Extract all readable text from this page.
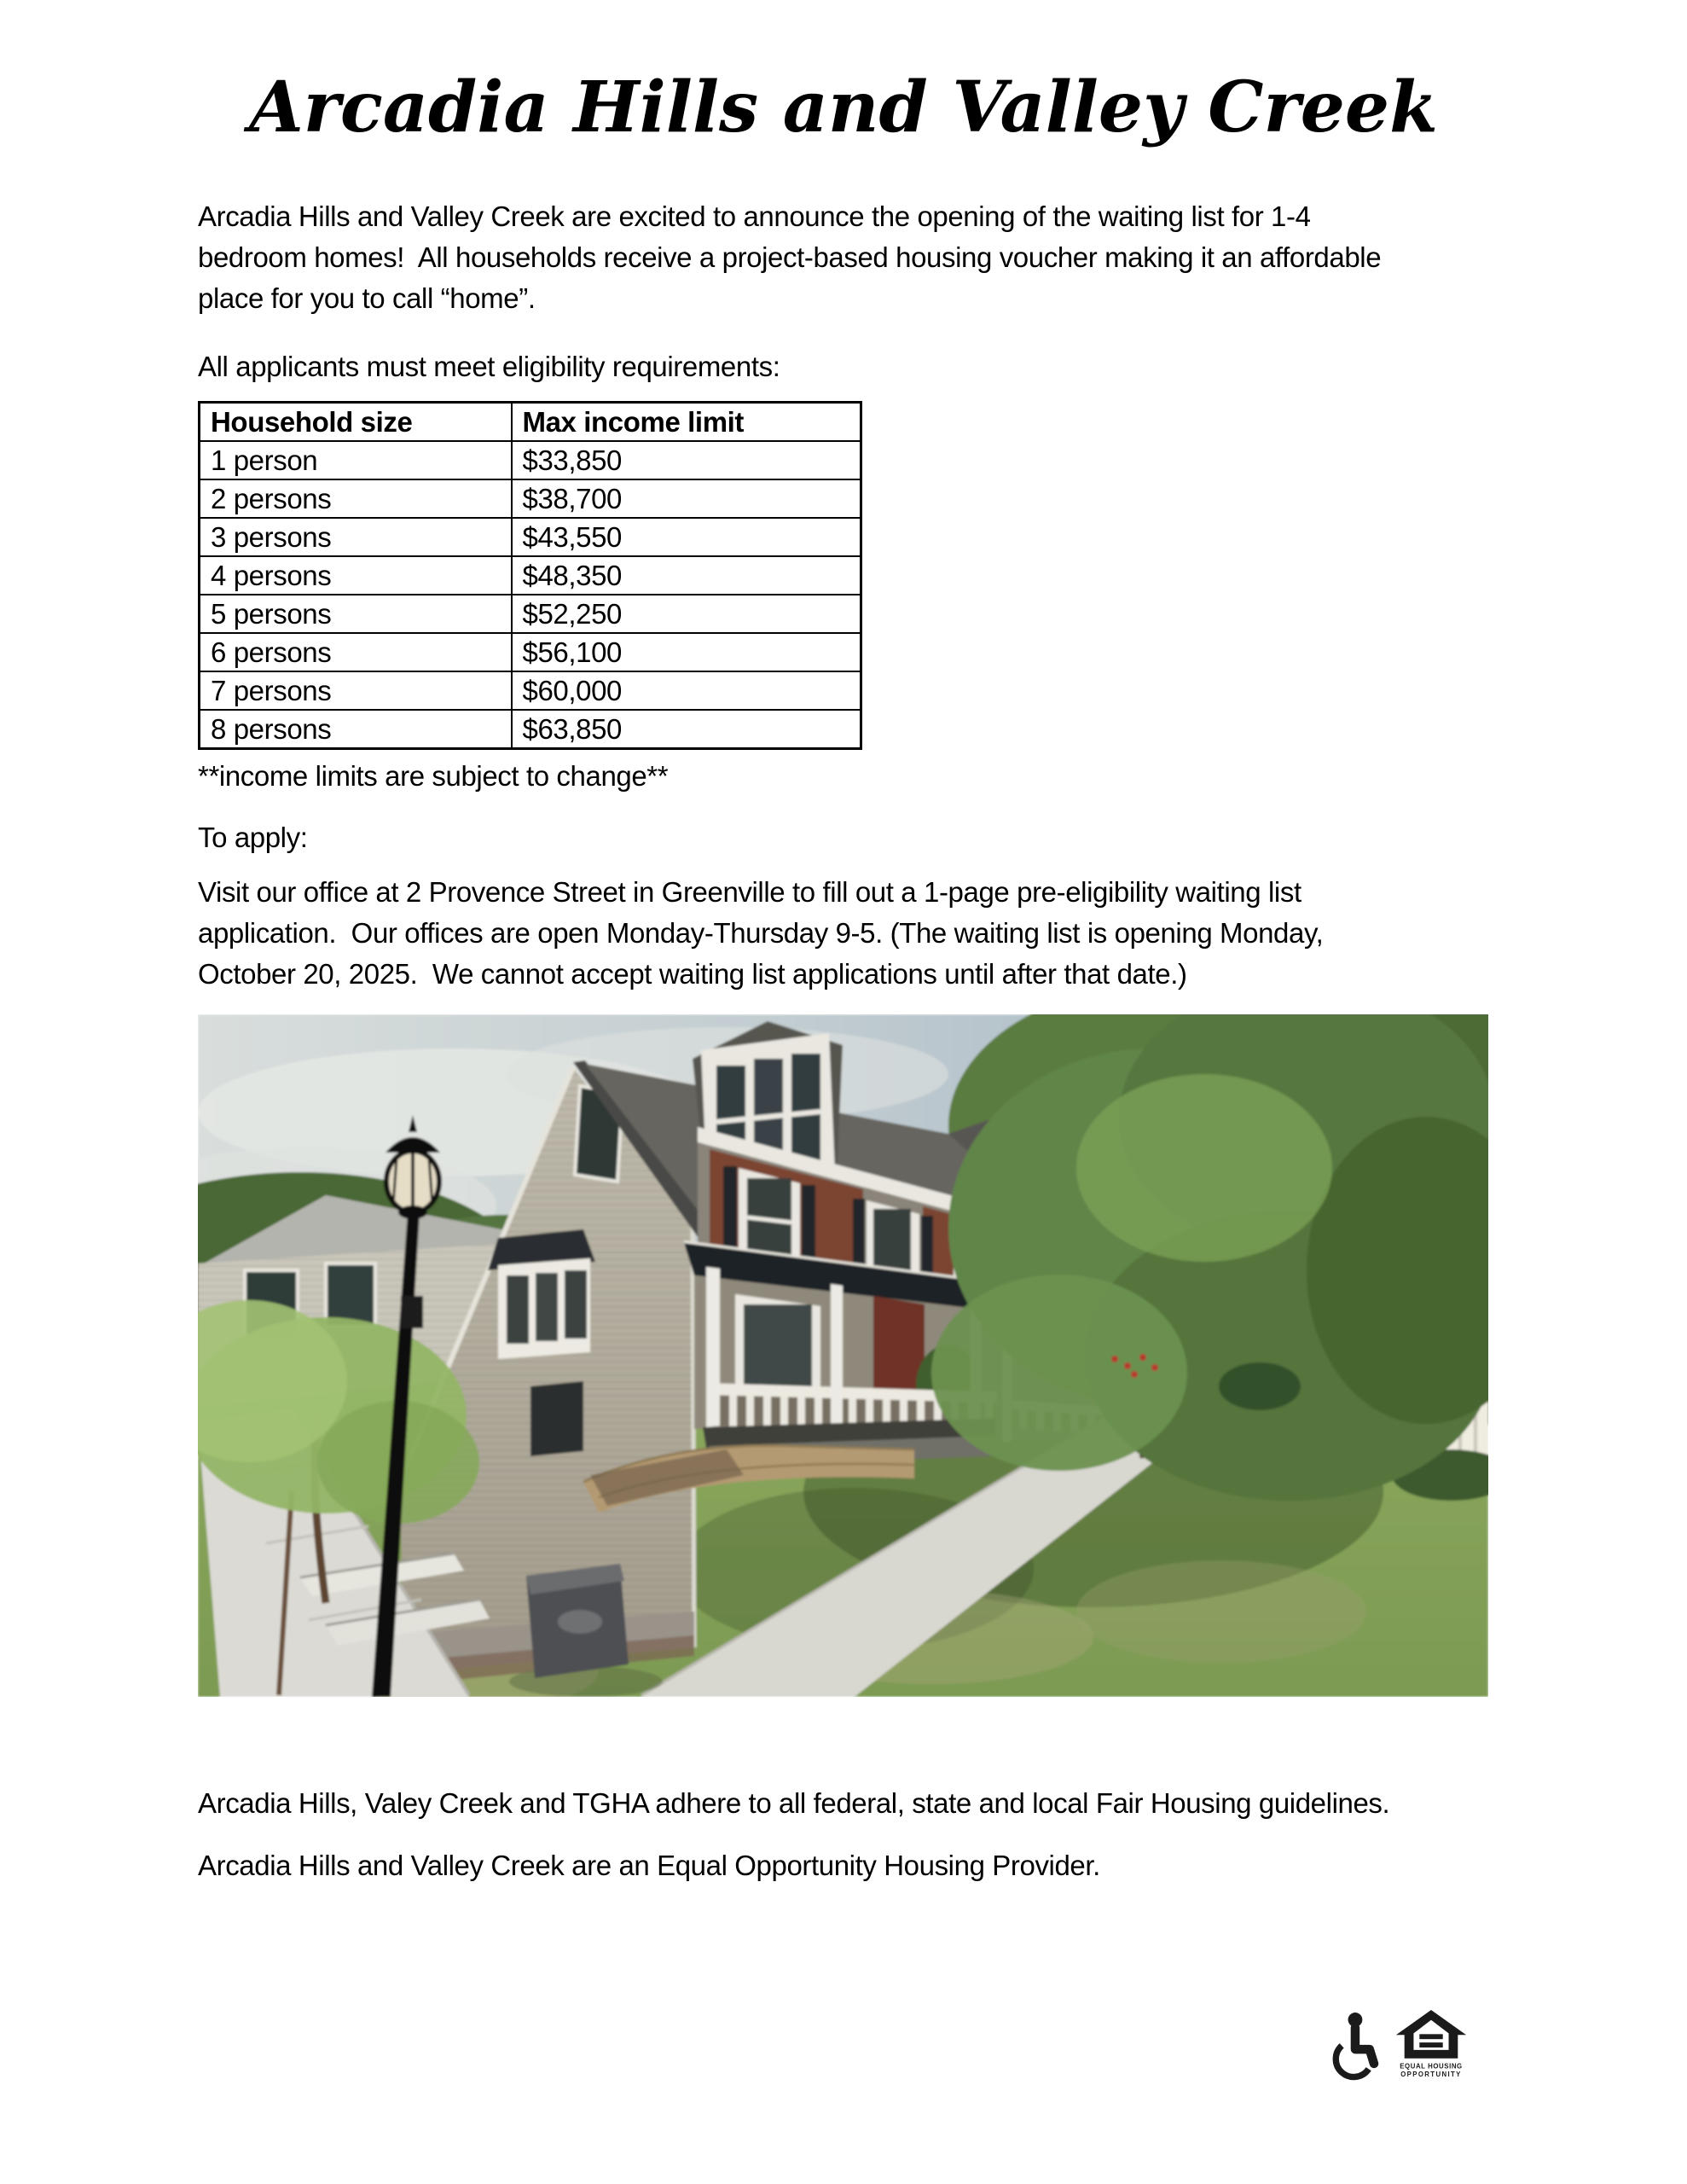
Arcadia Hills and Valley Creek
Arcadia Hills and Valley Creek are excited to announce the opening of the waiting list for 1-4
bedroom homes!  All households receive a project-based housing voucher making it an affordable
place for you to call “home”.
All applicants must meet eligibility requirements:
Household size	Max income limit
1 person	$33,850
2 persons	$38,700
3 persons	$43,550
4 persons	$48,350
5 persons	$52,250
6 persons	$56,100
7 persons	$60,000
8 persons	$63,850
**income limits are subject to change**
To apply:
Visit our office at 2 Provence Street in Greenville to fill out a 1-page pre-eligibility waiting list
application.  Our offices are open Monday-Thursday 9-5. (The waiting list is opening Monday,
October 20, 2025.  We cannot accept waiting list applications until after that date.)
Arcadia Hills, Valey Creek and TGHA adhere to all federal, state and local Fair Housing guidelines.
Arcadia Hills and Valley Creek are an Equal Opportunity Housing Provider.
EQUAL HOUSING
OPPORTUNITY
